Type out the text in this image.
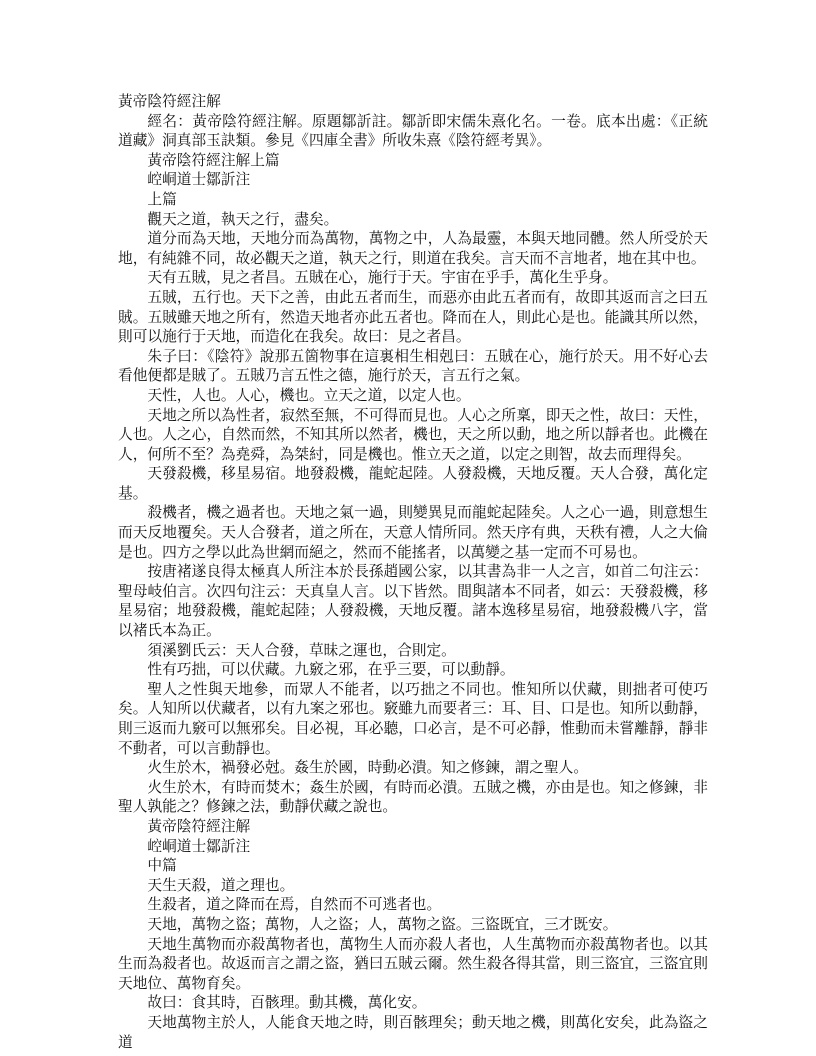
黃帝陰符經注解

經名：黃帝陰符經注解。原題鄒訢註。鄒訢即宋儒朱熹化名。一卷。底本出處：《正統道藏》洞真部玉訣類。參見《四庫全書》所收朱熹《陰符經考異》。

黃帝陰符經注解上篇

崆峒道士鄒訢注

上篇

觀天之道，執天之行，盡矣。

道分而為天地，天地分而為萬物，萬物之中，人為最靈，本與天地同體。然人所受於天地，有純雜不同，故必觀天之道，執天之行，則道在我矣。言天而不言地者，地在其中也。

天有五賊，見之者昌。五賊在心，施行于天。宇宙在乎手，萬化生乎身。

五賊，五行也。天下之善，由此五者而生，而惡亦由此五者而有，故即其返而言之曰五賊。五賊雖天地之所有，然造天地者亦此五者也。降而在人，則此心是也。能識其所以然，則可以施行于天地，而造化在我矣。故曰：見之者昌。

朱子曰：《陰符》說那五箇物事在這裏相生相剋曰：五賊在心，施行於天。用不好心去看他便都是賊了。五賊乃言五性之德，施行於天，言五行之氣。

天性，人也。人心，機也。立天之道，以定人也。

天地之所以為性者，寂然至無，不可得而見也。人心之所稟，即天之性，故曰：天性，人也。人之心，自然而然，不知其所以然者，機也，天之所以動，地之所以靜者也。此機在人，何所不至？為堯舜，為桀紂，同是機也。惟立天之道，以定之則智，故去而理得矣。

天發殺機，移星易宿。地發殺機，龍蛇起陸。人發殺機，天地反覆。天人合發，萬化定基。

殺機者，機之過者也。天地之氣一過，則變異見而龍蛇起陸矣。人之心一過，則意想生而天反地覆矣。天人合發者，道之所在，天意人情所同。然天序有典，天秩有禮，人之大倫是也。四方之學以此為世網而絕之，然而不能搖者，以萬變之基一定而不可易也。

按唐褚遂良得太極真人所注本於長孫趙國公家，以其書為非一人之言，如首二句注云：聖母岐伯言。次四句注云：天真皇人言。以下皆然。間與諸本不同者，如云：天發殺機，移星易宿；地發殺機，龍蛇起陸；人發殺機，天地反覆。諸本逸移星易宿，地發殺機八字，當以褚氏本為正。

須溪劉氏云：天人合發，草昧之運也，合則定。

性有巧拙，可以伏藏。九竅之邪，在乎三要，可以動靜。

聖人之性與天地參，而眾人不能者，以巧拙之不同也。惟知所以伏藏，則拙者可使巧矣。人知所以伏藏者，以有九案之邪也。竅雖九而要者三：耳、目、口是也。知所以動靜，則三返而九竅可以無邪矣。目必視，耳必聽，口必言，是不可必靜，惟動而未嘗離靜，靜非不動者，可以言動靜也。

火生於木，禍發必尅。姦生於國，時動必潰。知之修鍊，謂之聖人。

火生於木，有時而焚木；姦生於國，有時而必潰。五賊之機，亦由是也。知之修鍊，非聖人孰能之？修鍊之法，動靜伏藏之說也。

黃帝陰符經注解

崆峒道士鄒訢注

中篇

天生天殺，道之理也。

生殺者，道之降而在焉，自然而不可逃者也。

天地，萬物之盜；萬物，人之盜；人，萬物之盜。三盜既宜，三才既安。

天地生萬物而亦殺萬物者也，萬物生人而亦殺人者也，人生萬物而亦殺萬物者也。以其生而為殺者也。故返而言之謂之盜，猶曰五賊云爾。然生殺各得其當，則三盜宜，三盜宜則天地位、萬物育矣。

故曰：食其時，百骸理。動其機，萬化安。

天地萬物主於人，人能食天地之時，則百骸理矣；動天地之機，則萬化安矣，此為盜之道
